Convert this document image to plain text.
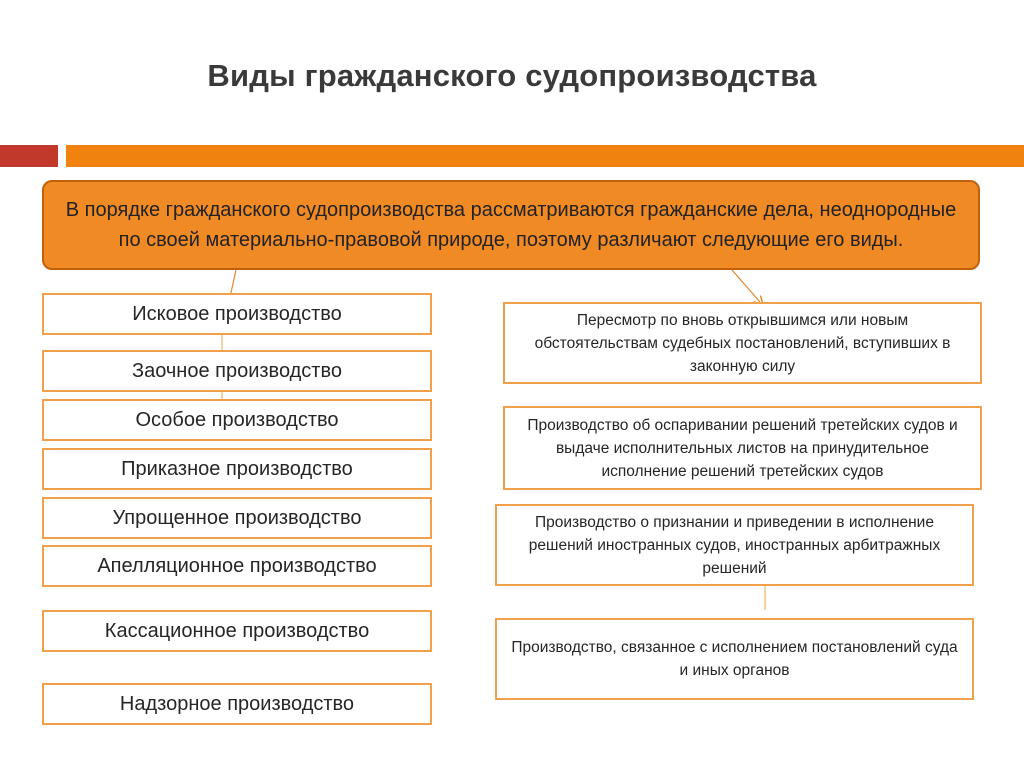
Виды гражданского судопроизводства
В порядке гражданского судопроизводства рассматриваются гражданские дела, неоднородные по своей материально-правовой природе, поэтому различают следующие его виды.
Исковое производство
Заочное производство
Особое производство
Приказное производство
Упрощенное производство
Апелляционное производство
Кассационное производство
Надзорное производство
Пересмотр по вновь открывшимся или новым обстоятельствам судебных постановлений, вступивших в законную силу
Производство об оспаривании решений третейских судов и выдаче исполнительных листов на принудительное исполнение решений третейских судов
Производство о признании и приведении в исполнение решений иностранных судов, иностранных арбитражных решений
Производство, связанное с исполнением постановлений суда и иных органов
